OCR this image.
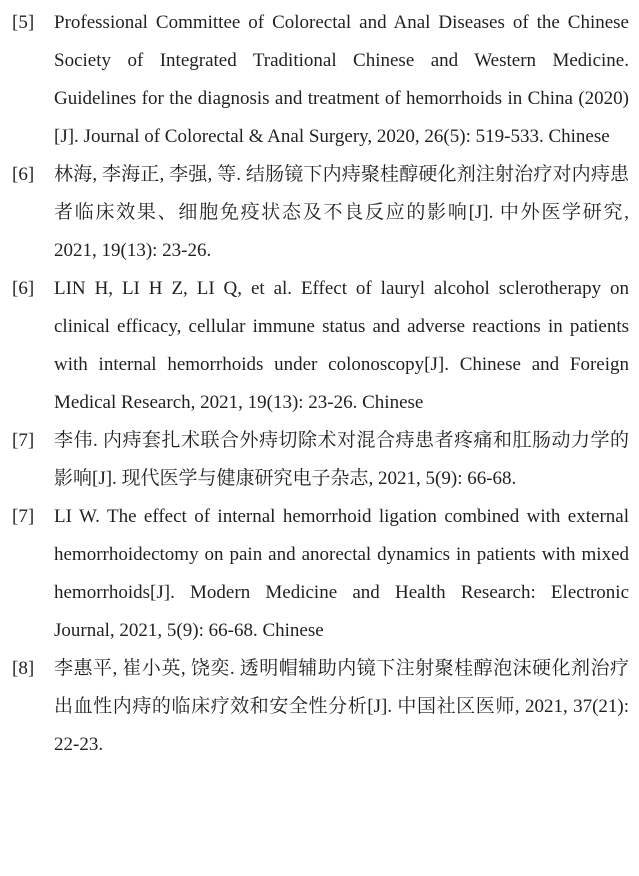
[5]	Professional Committee of Colorectal and Anal Diseases of the Chinese Society of Integrated Traditional Chinese and Western Medicine. Guidelines for the diagnosis and treatment of hemorrhoids in China (2020) [J]. Journal of Colorectal & Anal Surgery, 2020, 26(5): 519-533. Chinese
[6]	林海, 李海正, 李强, 等. 结肠镜下内痔聚桂醇硬化剂注射治疗对内痔患者临床效果、细胞免疫状态及不良反应的影响[J]. 中外医学研究, 2021, 19(13): 23-26.
[6]	LIN H, LI H Z, LI Q, et al. Effect of lauryl alcohol sclerotherapy on clinical efficacy, cellular immune status and adverse reactions in patients with internal hemorrhoids under colonoscopy[J]. Chinese and Foreign Medical Research, 2021, 19(13): 23-26. Chinese
[7]	李伟. 内痔套扎术联合外痔切除术对混合痔患者疼痛和肛肠动力学的影响[J]. 现代医学与健康研究电子杂志, 2021, 5(9): 66-68.
[7]	LI W. The effect of internal hemorrhoid ligation combined with external hemorrhoidectomy on pain and anorectal dynamics in patients with mixed hemorrhoids[J]. Modern Medicine and Health Research: Electronic Journal, 2021, 5(9): 66-68. Chinese
[8]	李惠平, 崔小英, 饶奕. 透明帽辅助内镜下注射聚桂醇泡沫硬化剂治疗出血性内痔的临床疗效和安全性分析[J]. 中国社区医师, 2021, 37(21): 22-23.
